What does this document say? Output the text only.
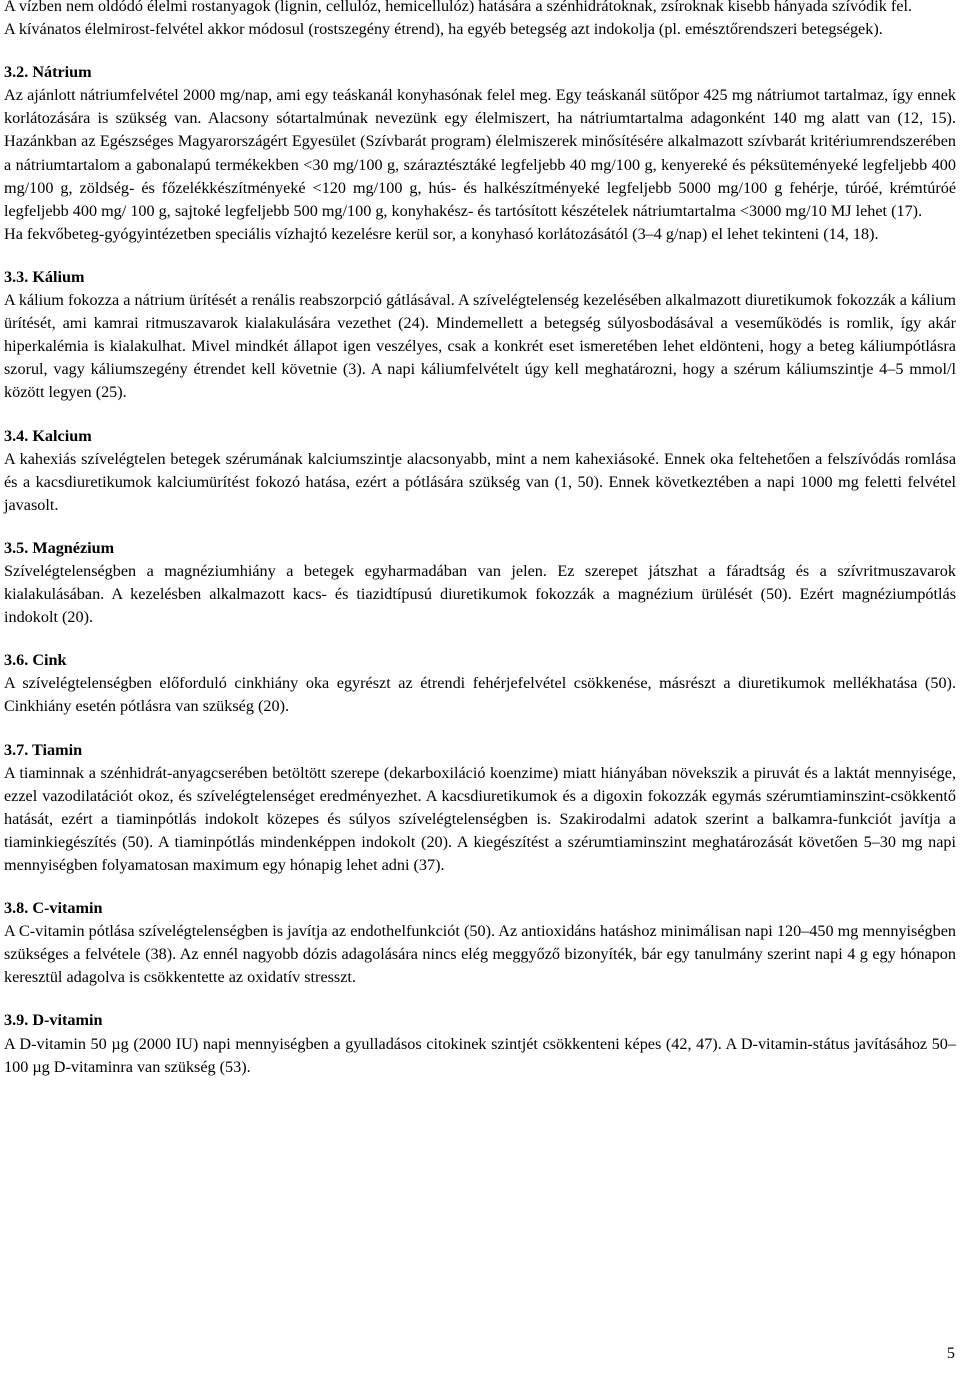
A vízben nem oldódó élelmi rostanyagok (lignin, cellulóz, hemicellulóz) hatására a szénhidrátoknak, zsíroknak kisebb hányada szívódik fel.

A kívánatos élelmirost-felvétel akkor módosul (rostszegény étrend), ha egyéb betegség azt indokolja (pl. emésztőrendszeri betegségek).

3.2. Nátrium

Az ajánlott nátriumfelvétel 2000 mg/nap, ami egy teáskanál konyhasónak felel meg. Egy teáskanál sütőpor 425 mg nátriumot tartalmaz, így ennek korlátozására is szükség van. Alacsony sótartalmúnak nevezünk egy élelmiszert, ha nátriumtartalma adagonként 140 mg alatt van (12, 15). Hazánkban az Egészséges Magyarországért Egyesület (Szívbarát program) élelmiszerek minősítésére alkalmazott szívbarát kritériumrendszerében a nátriumtartalom a gabonalapú termékekben <30 mg/100 g, száraztésztáké legfeljebb 40 mg/100 g, kenyereké és péksüteményeké legfeljebb 400 mg/100 g, zöldség- és főzelékkészítményeké <120 mg/100 g, hús- és halkészítményeké legfeljebb 5000 mg/100 g fehérje, túróé, krémtúróé legfeljebb 400 mg/ 100 g, sajtoké legfeljebb 500 mg/100 g, konyhakész- és tartósított készételek nátriumtartalma <3000 mg/10 MJ lehet (17).

Ha fekvőbeteg-gyógyintézetben speciális vízhajtó kezelésre kerül sor, a konyhasó korlátozásától (3–4 g/nap) el lehet tekinteni (14, 18).

3.3. Kálium

A kálium fokozza a nátrium ürítését a renális reabszorpció gátlásával. A szívelégtelenség kezelésében alkalmazott diuretikumok fokozzák a kálium ürítését, ami kamrai ritmuszavarok kialakulására vezethet (24). Mindemellett a betegség súlyosbodásával a veseműködés is romlik, így akár hiperkalémia is kialakulhat. Mivel mindkét állapot igen veszélyes, csak a konkrét eset ismeretében lehet eldönteni, hogy a beteg káliumpótlásra szorul, vagy káliumszegény étrendet kell követnie (3). A napi káliumfelvételt úgy kell meghatározni, hogy a szérum káliumszintje 4–5 mmol/l között legyen (25).

3.4. Kalcium

A kahexiás szívelégtelen betegek szérumának kalciumszintje alacsonyabb, mint a nem kahexiásoké. Ennek oka feltehetően a felszívódás romlása és a kacsdiuretikumok kalciumürítést fokozó hatása, ezért a pótlására szükség van (1, 50). Ennek következtében a napi 1000 mg feletti felvétel javasolt.

3.5. Magnézium

Szívelégtelenségben a magnéziumhiány a betegek egyharmadában van jelen. Ez szerepet játszhat a fáradtság és a szívritmuszavarok kialakulásában. A kezelésben alkalmazott kacs- és tiazidtípusú diuretikumok fokozzák a magnézium ürülését (50). Ezért magnéziumpótlás indokolt (20).

3.6. Cink

A szívelégtelenségben előforduló cinkhiány oka egyrészt az étrendi fehérjefelvétel csökkenése, másrészt a diuretikumok mellékhatása (50). Cinkhiány esetén pótlásra van szükség (20).

3.7. Tiamin

A tiaminnak a szénhidrát-anyagcserében betöltött szerepe (dekarboxiláció koenzime) miatt hiányában növekszik a piruvát és a laktát mennyisége, ezzel vazodilatációt okoz, és szívelégtelenséget eredményezhet. A kacsdiuretikumok és a digoxin fokozzák egymás szérumtiaminszint-csökkentő hatását, ezért a tiaminpótlás indokolt közepes és súlyos szívelégtelenségben is. Szakirodalmi adatok szerint a balkamra-funkciót javítja a tiaminkiegészítés (50). A tiaminpótlás mindenképpen indokolt (20). A kiegészítést a szérumtiaminszint meghatározását követően 5–30 mg napi mennyiségben folyamatosan maximum egy hónapig lehet adni (37).

3.8. C-vitamin

A C-vitamin pótlása szívelégtelenségben is javítja az endothelfunkciót (50). Az antioxidáns hatáshoz minimálisan napi 120–450 mg mennyiségben szükséges a felvétele (38). Az ennél nagyobb dózis adagolására nincs elég meggyőző bizonyíték, bár egy tanulmány szerint napi 4 g egy hónapon keresztül adagolva is csökkentette az oxidatív stresszt.

3.9. D-vitamin

A D-vitamin 50 µg (2000 IU) napi mennyiségben a gyulladásos citokinek szintjét csökkenteni képes (42, 47). A D-vitamin-státus javításához 50–100 µg D-vitaminra van szükség (53).

5
